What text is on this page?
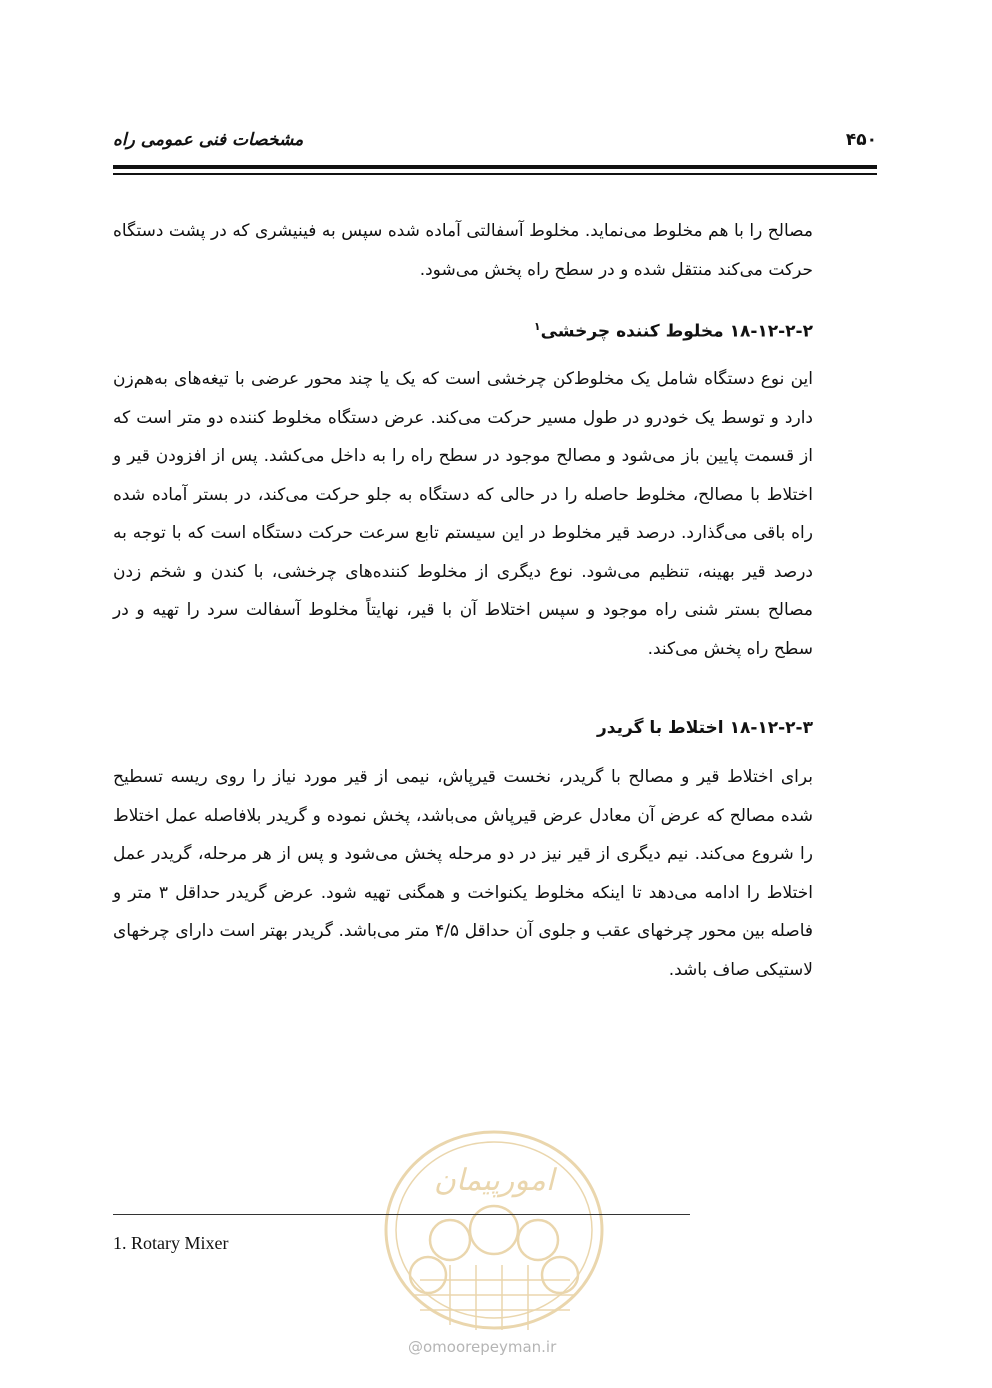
مشخصات فنی عمومی راه	۴۵۰
مصالح را با هم مخلوط می‌نماید. مخلوط آسفالتی آماده شده سپس به فینیشری که در پشت دستگاه حرکت می‌کند منتقل شده و در سطح راه پخش می‌شود.
۱۸-۱۲-۲-۲ مخلوط کننده چرخشی$^۱$
این نوع دستگاه شامل یک مخلوط‌کن چرخشی است که یک یا چند محور عرضی با تیغه‌های به‌هم‌زن دارد و توسط یک خودرو در طول مسیر حرکت می‌کند. عرض دستگاه مخلوط کننده دو متر است که از قسمت پایین باز می‌شود و مصالح موجود در سطح راه را به داخل می‌کشد. پس از افزودن قیر و اختلاط با مصالح، مخلوط حاصله را در حالی که دستگاه به جلو حرکت می‌کند، در بستر آماده شده راه باقی می‌گذارد. درصد قیر مخلوط در این سیستم تابع سرعت حرکت دستگاه است که با توجه به درصد قیر بهینه، تنظیم می‌شود. نوع دیگری از مخلوط کننده‌های چرخشی، با کندن و شخم زدن مصالح بستر شنی راه موجود و سپس اختلاط آن با قیر، نهایتاً مخلوط آسفالت سرد را تهیه و در سطح راه پخش می‌کند.
۱۸-۱۲-۲-۳ اختلاط با گریدر
برای اختلاط قیر و مصالح با گریدر، نخست قیرپاش، نیمی از قیر مورد نیاز را روی ریسه تسطیح شده مصالح که عرض آن معادل عرض قیرپاش می‌باشد، پخش نموده و گریدر بلافاصله عمل اختلاط را شروع می‌کند. نیم دیگری از قیر نیز در دو مرحله پخش می‌شود و پس از هر مرحله، گریدر عمل اختلاط را ادامه می‌دهد تا اینکه مخلوط یکنواخت و همگنی تهیه شود. عرض گریدر حداقل ۳ متر و فاصله بین محور چرخهای عقب و جلوی آن حداقل ۴/۵ متر می‌باشد. گریدر بهتر است دارای چرخهای لاستیکی صاف باشد.
امورپیمان
@omoorepeyman.ir
1. Rotary Mixer
